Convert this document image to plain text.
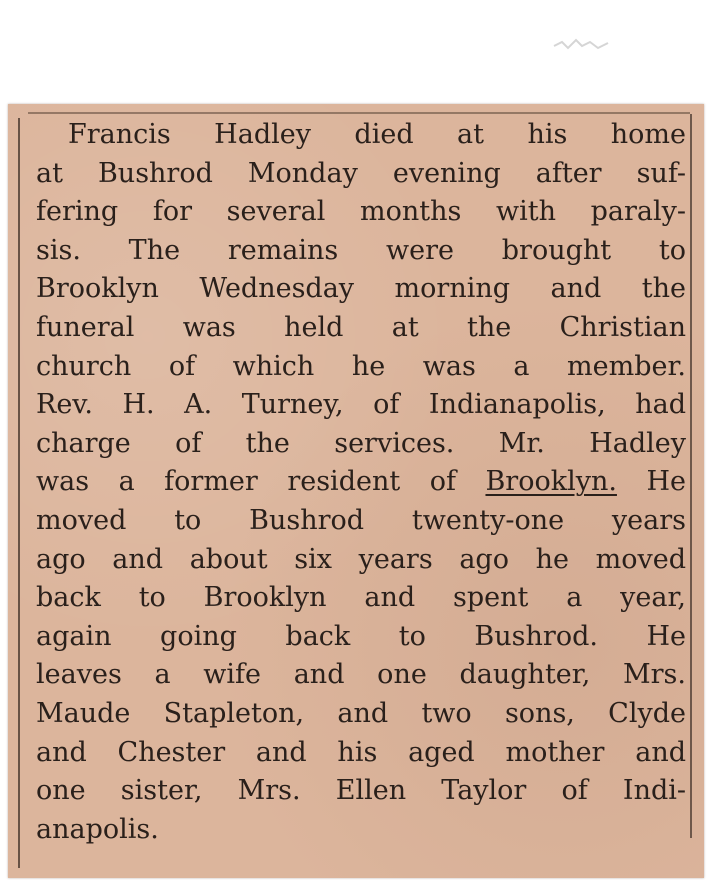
Francis Hadley died at his home
at Bushrod Monday evening after suf-
fering for several months with paraly-
sis. The remains were brought to
Brooklyn Wednesday morning and the
funeral was held at the Christian
church of which he was a member.
Rev. H. A. Turney, of Indianapolis, had
charge of the services. Mr. Hadley
was a former resident of Brooklyn. He
moved to Bushrod twenty-one years
ago and about six years ago he moved
back to Brooklyn and spent a year,
again going back to Bushrod. He
leaves a wife and one daughter, Mrs.
Maude Stapleton, and two sons, Clyde
and Chester and his aged mother and
one sister, Mrs. Ellen Taylor of Indi-
anapolis.
